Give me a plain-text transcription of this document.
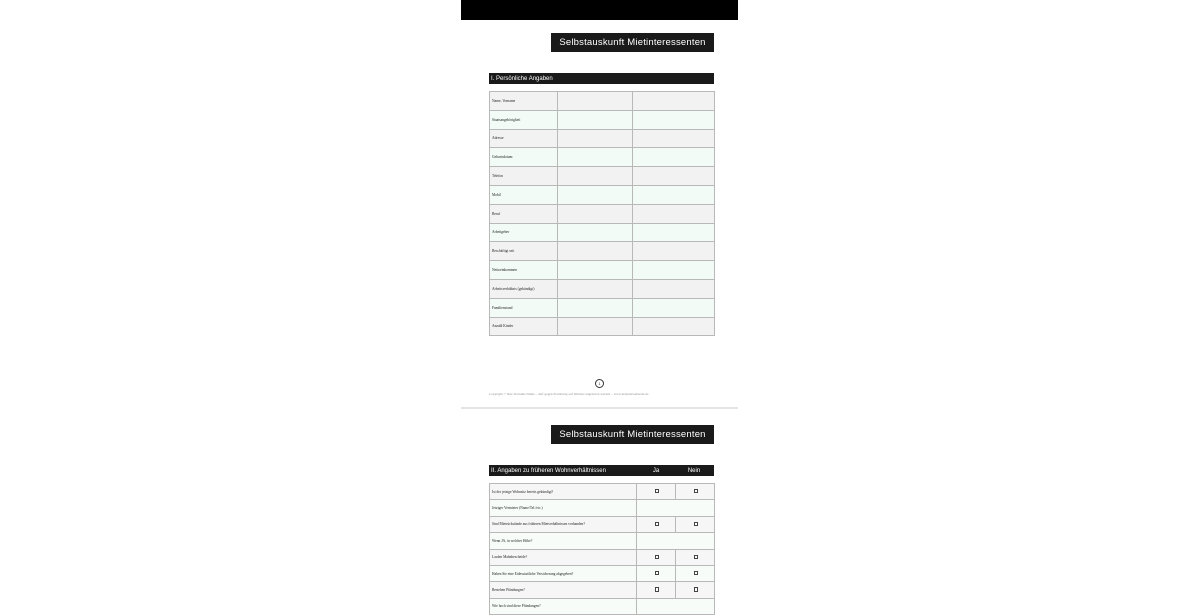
Selbstauskunft Mietinteressenten
I. Persönliche Angaben
Name, Vorname		
Staatsangehörigkeit		
Adresse		
Geburtsdatum		
Telefon		
Mobil		
Beruf		
Arbeitgeber		
Beschäftigt seit		
Nettoeinkommen		
Arbeitsverhältnis (gekündigt)		
Familienstand		
Anzahl Kinder		
1
Copyright © Ihre Vorname Name – darf gegen Erstattung auf Website angeboten werden – www.beispielwebseite.de
Selbstauskunft Mietinteressenten
II. Angaben zu früheren Wohnverhältnissen	Ja	Nein
Ist der jetzige Wohnsitz bereits gekündigt?		
Jetziger Vermieter (Name/Tel./etc.)		
Sind Mietrückstände aus früheren Mietverhältnissen vorhanden?		
Wenn JA, in welcher Höhe?		
Laufen Mahnbescheide?		
Haben Sie eine Eidesstattliche Versicherung abgegeben?		
Bestehen Pfändungen?		
Wie hoch sind diese Pfändungen?		
